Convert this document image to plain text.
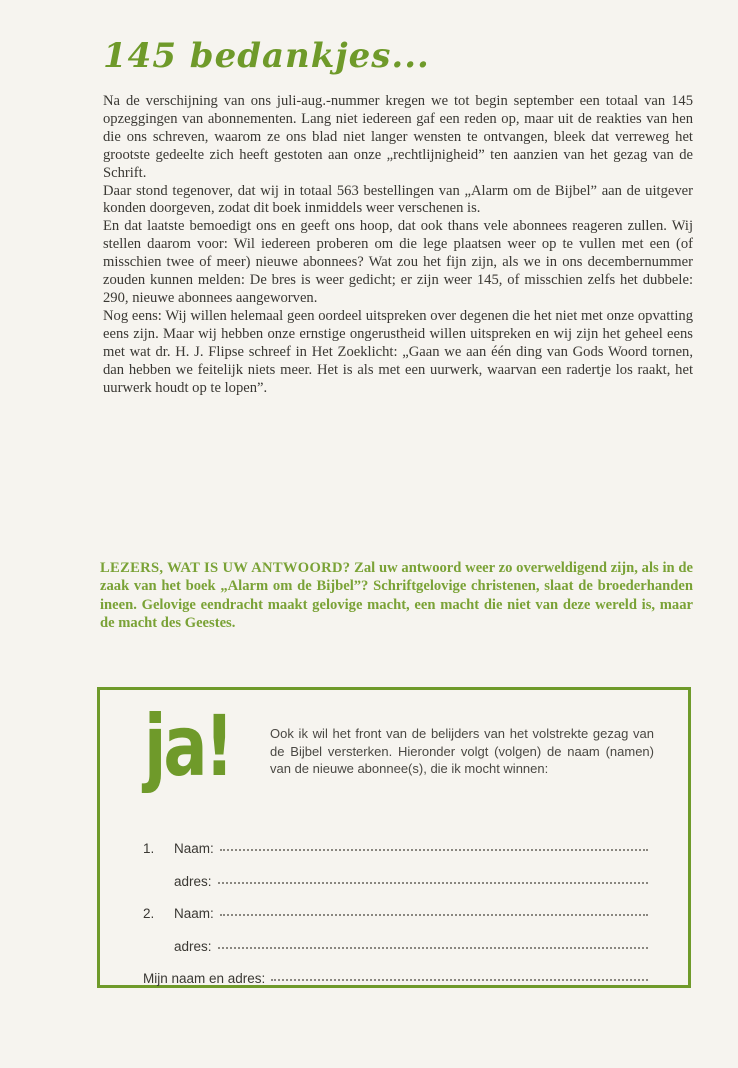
145 bedankjes...

Na de verschijning van ons juli-aug.-nummer kregen we tot begin september een totaal van 145 opzeggingen van abonnementen. Lang niet iedereen gaf een reden op, maar uit de reakties van hen die ons schreven, waarom ze ons blad niet langer wensten te ontvangen, bleek dat verreweg het grootste gedeelte zich heeft gestoten aan onze „rechtlijnigheid” ten aanzien van het gezag van de Schrift.

Daar stond tegenover, dat wij in totaal 563 bestellingen van „Alarm om de Bijbel” aan de uitgever konden doorgeven, zodat dit boek inmiddels weer verschenen is.

En dat laatste bemoedigt ons en geeft ons hoop, dat ook thans vele abonnees reageren zullen. Wij stellen daarom voor: Wil iedereen proberen om die lege plaatsen weer op te vullen met een (of misschien twee of meer) nieuwe abonnees? Wat zou het fijn zijn, als we in ons decembernummer zouden kunnen melden: De bres is weer gedicht; er zijn weer 145, of misschien zelfs het dubbele: 290, nieuwe abonnees aangeworven.

Nog eens: Wij willen helemaal geen oordeel uitspreken over degenen die het niet met onze opvatting eens zijn. Maar wij hebben onze ernstige ongerustheid willen uitspreken en wij zijn het geheel eens met wat dr. H. J. Flipse schreef in Het Zoeklicht: „Gaan we aan één ding van Gods Woord tornen, dan hebben we feitelijk niets meer. Het is als met een uurwerk, waarvan een radertje los raakt, het uurwerk houdt op te lopen”.

LEZERS, WAT IS UW ANTWOORD? Zal uw antwoord weer zo overweldigend zijn, als in de zaak van het boek „Alarm om de Bijbel”? Schriftgelovige christenen, slaat de broederhanden ineen. Gelovige eendracht maakt gelovige macht, een macht die niet van deze wereld is, maar de macht des Geestes.
ja!	Ook ik wil het front van de belijders van het volstrekte gezag van de Bijbel versterken. Hieronder volgt (volgen) de naam (namen) van de nieuwe abonnee(s), die ik mocht winnen:
1.	Naam:
adres:
2.	Naam:
adres:
Mijn naam en adres:
